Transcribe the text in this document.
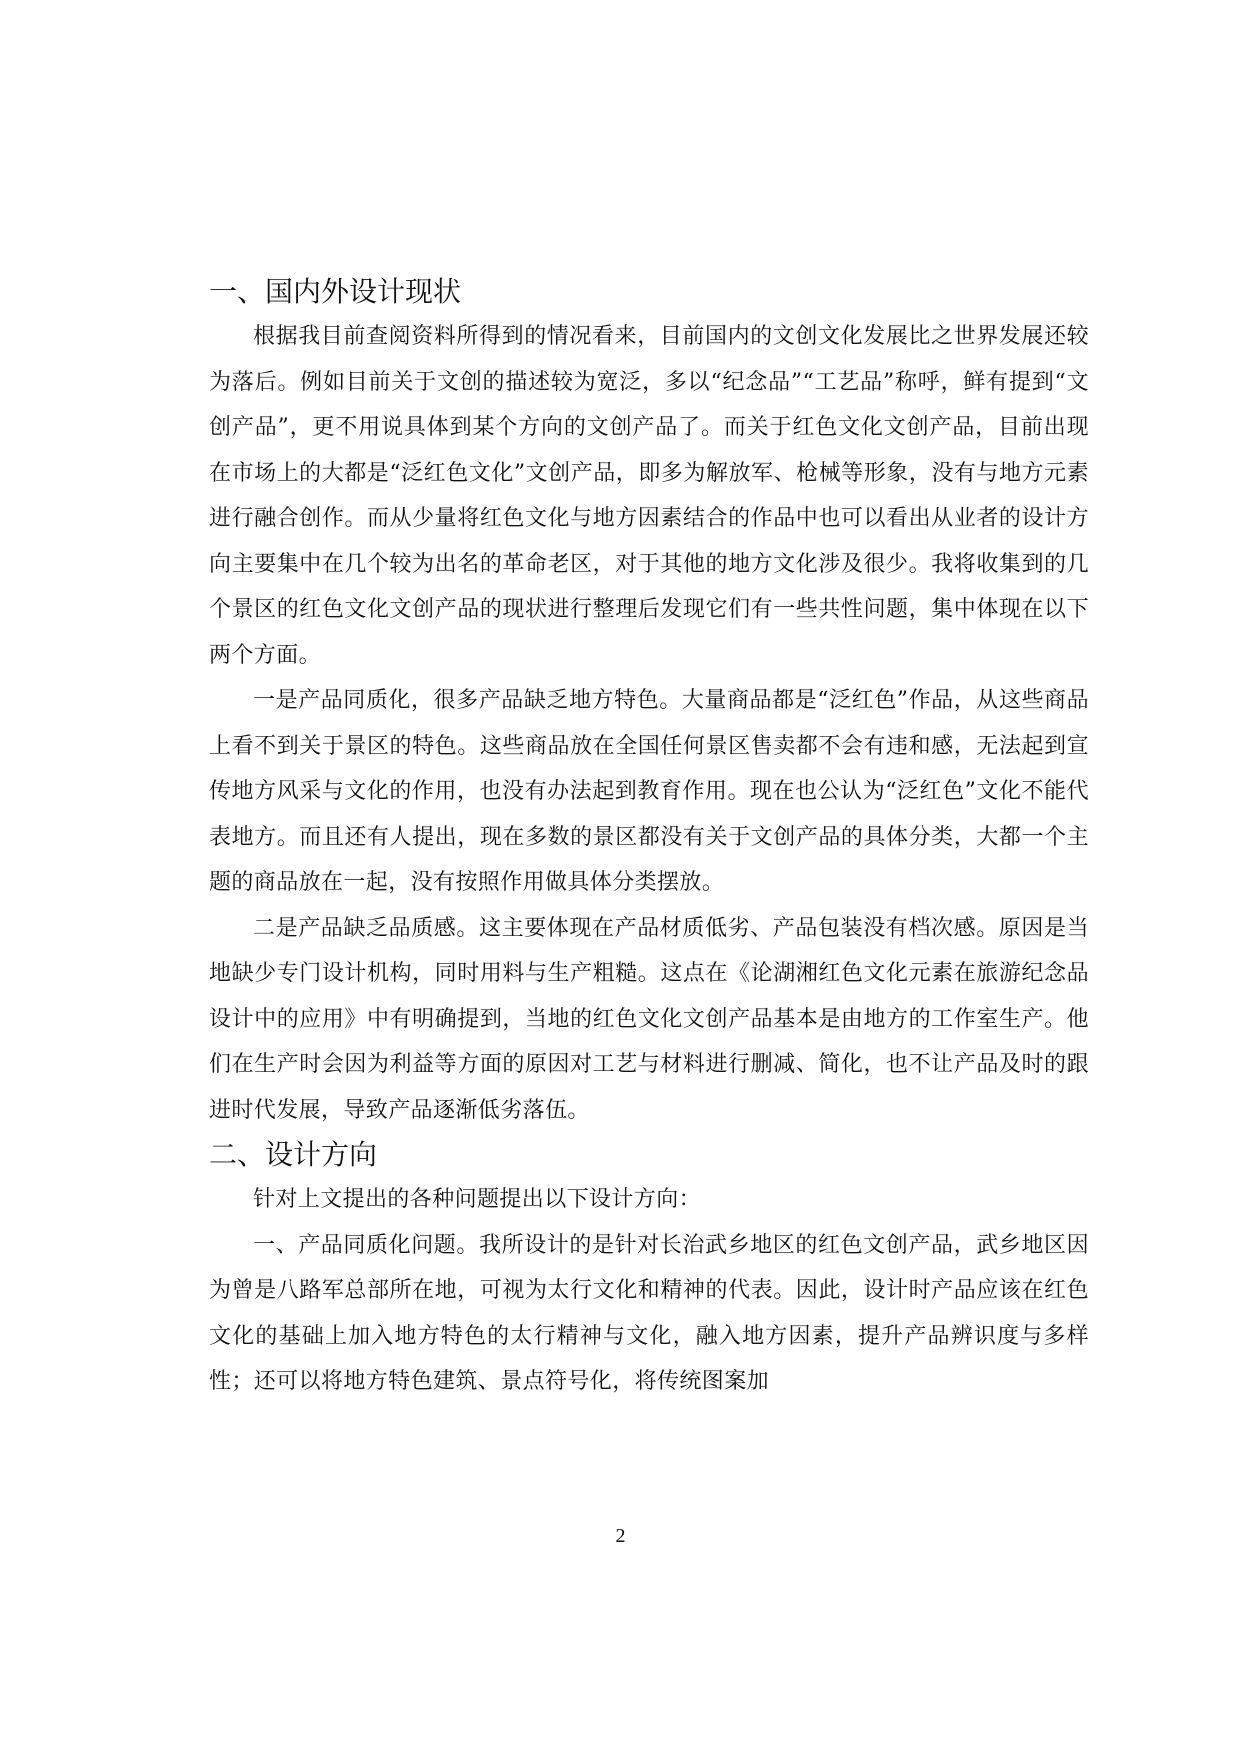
一、国内外设计现状

根据我目前查阅资料所得到的情况看来，目前国内的文创文化发展比之世界发展还较为落后。例如目前关于文创的描述较为宽泛，多以“纪念品”“工艺品”称呼，鲜有提到“文创产品”，更不用说具体到某个方向的文创产品了。而关于红色文化文创产品，目前出现在市场上的大都是“泛红色文化”文创产品，即多为解放军、枪械等形象，没有与地方元素进行融合创作。而从少量将红色文化与地方因素结合的作品中也可以看出从业者的设计方向主要集中在几个较为出名的革命老区，对于其他的地方文化涉及很少。我将收集到的几个景区的红色文化文创产品的现状进行整理后发现它们有一些共性问题，集中体现在以下两个方面。

一是产品同质化，很多产品缺乏地方特色。大量商品都是“泛红色”作品，从这些商品上看不到关于景区的特色。这些商品放在全国任何景区售卖都不会有违和感，无法起到宣传地方风采与文化的作用，也没有办法起到教育作用。现在也公认为“泛红色”文化不能代表地方。而且还有人提出，现在多数的景区都没有关于文创产品的具体分类，大都一个主题的商品放在一起，没有按照作用做具体分类摆放。

二是产品缺乏品质感。这主要体现在产品材质低劣、产品包装没有档次感。原因是当地缺少专门设计机构，同时用料与生产粗糙。这点在《论湖湘红色文化元素在旅游纪念品设计中的应用》中有明确提到，当地的红色文化文创产品基本是由地方的工作室生产。他们在生产时会因为利益等方面的原因对工艺与材料进行删减、简化，也不让产品及时的跟进时代发展，导致产品逐渐低劣落伍。

二、设计方向

针对上文提出的各种问题提出以下设计方向：

一、产品同质化问题。我所设计的是针对长治武乡地区的红色文创产品，武乡地区因为曾是八路军总部所在地，可视为太行文化和精神的代表。因此，设计时产品应该在红色文化的基础上加入地方特色的太行精神与文化，融入地方因素，提升产品辨识度与多样性；还可以将地方特色建筑、景点符号化，将传统图案加

2
